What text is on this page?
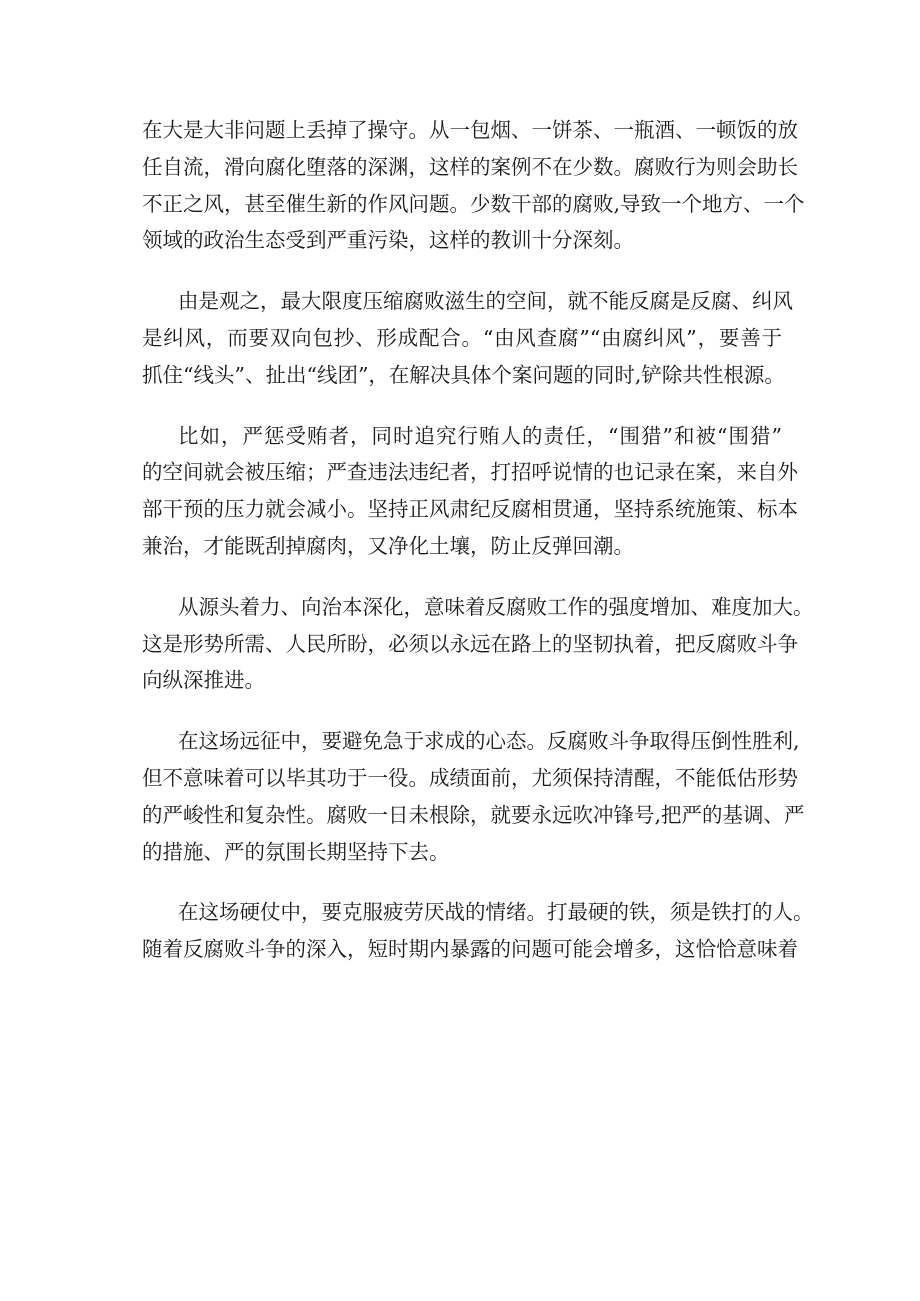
在大是大非问题上丢掉了操守。从一包烟、一饼茶、一瓶酒、一顿饭的放
任自流，滑向腐化堕落的深渊，这样的案例不在少数。腐败行为则会助长
不正之风，甚至催生新的作风问题。少数干部的腐败,导致一个地方、一个
领域的政治生态受到严重污染，这样的教训十分深刻。
由是观之，最大限度压缩腐败滋生的空间，就不能反腐是反腐、纠风
是纠风，而要双向包抄、形成配合。“由风查腐”“由腐纠风”，要善于
抓住“线头”、扯出“线团”，在解决具体个案问题的同时,铲除共性根源。
比如，严惩受贿者，同时追究行贿人的责任，“围猎”和被“围猎”
的空间就会被压缩；严查违法违纪者，打招呼说情的也记录在案，来自外
部干预的压力就会减小。坚持正风肃纪反腐相贯通，坚持系统施策、标本
兼治，才能既刮掉腐肉，又净化土壤，防止反弹回潮。
从源头着力、向治本深化，意味着反腐败工作的强度增加、难度加大。
这是形势所需、人民所盼，必须以永远在路上的坚韧执着，把反腐败斗争
向纵深推进。
在这场远征中，要避免急于求成的心态。反腐败斗争取得压倒性胜利,
但不意味着可以毕其功于一役。成绩面前，尤须保持清醒，不能低估形势
的严峻性和复杂性。腐败一日未根除，就要永远吹冲锋号,把严的基调、严
的措施、严的氛围长期坚持下去。
在这场硬仗中，要克服疲劳厌战的情绪。打最硬的铁，须是铁打的人。
随着反腐败斗争的深入，短时期内暴露的问题可能会增多，这恰恰意味着
